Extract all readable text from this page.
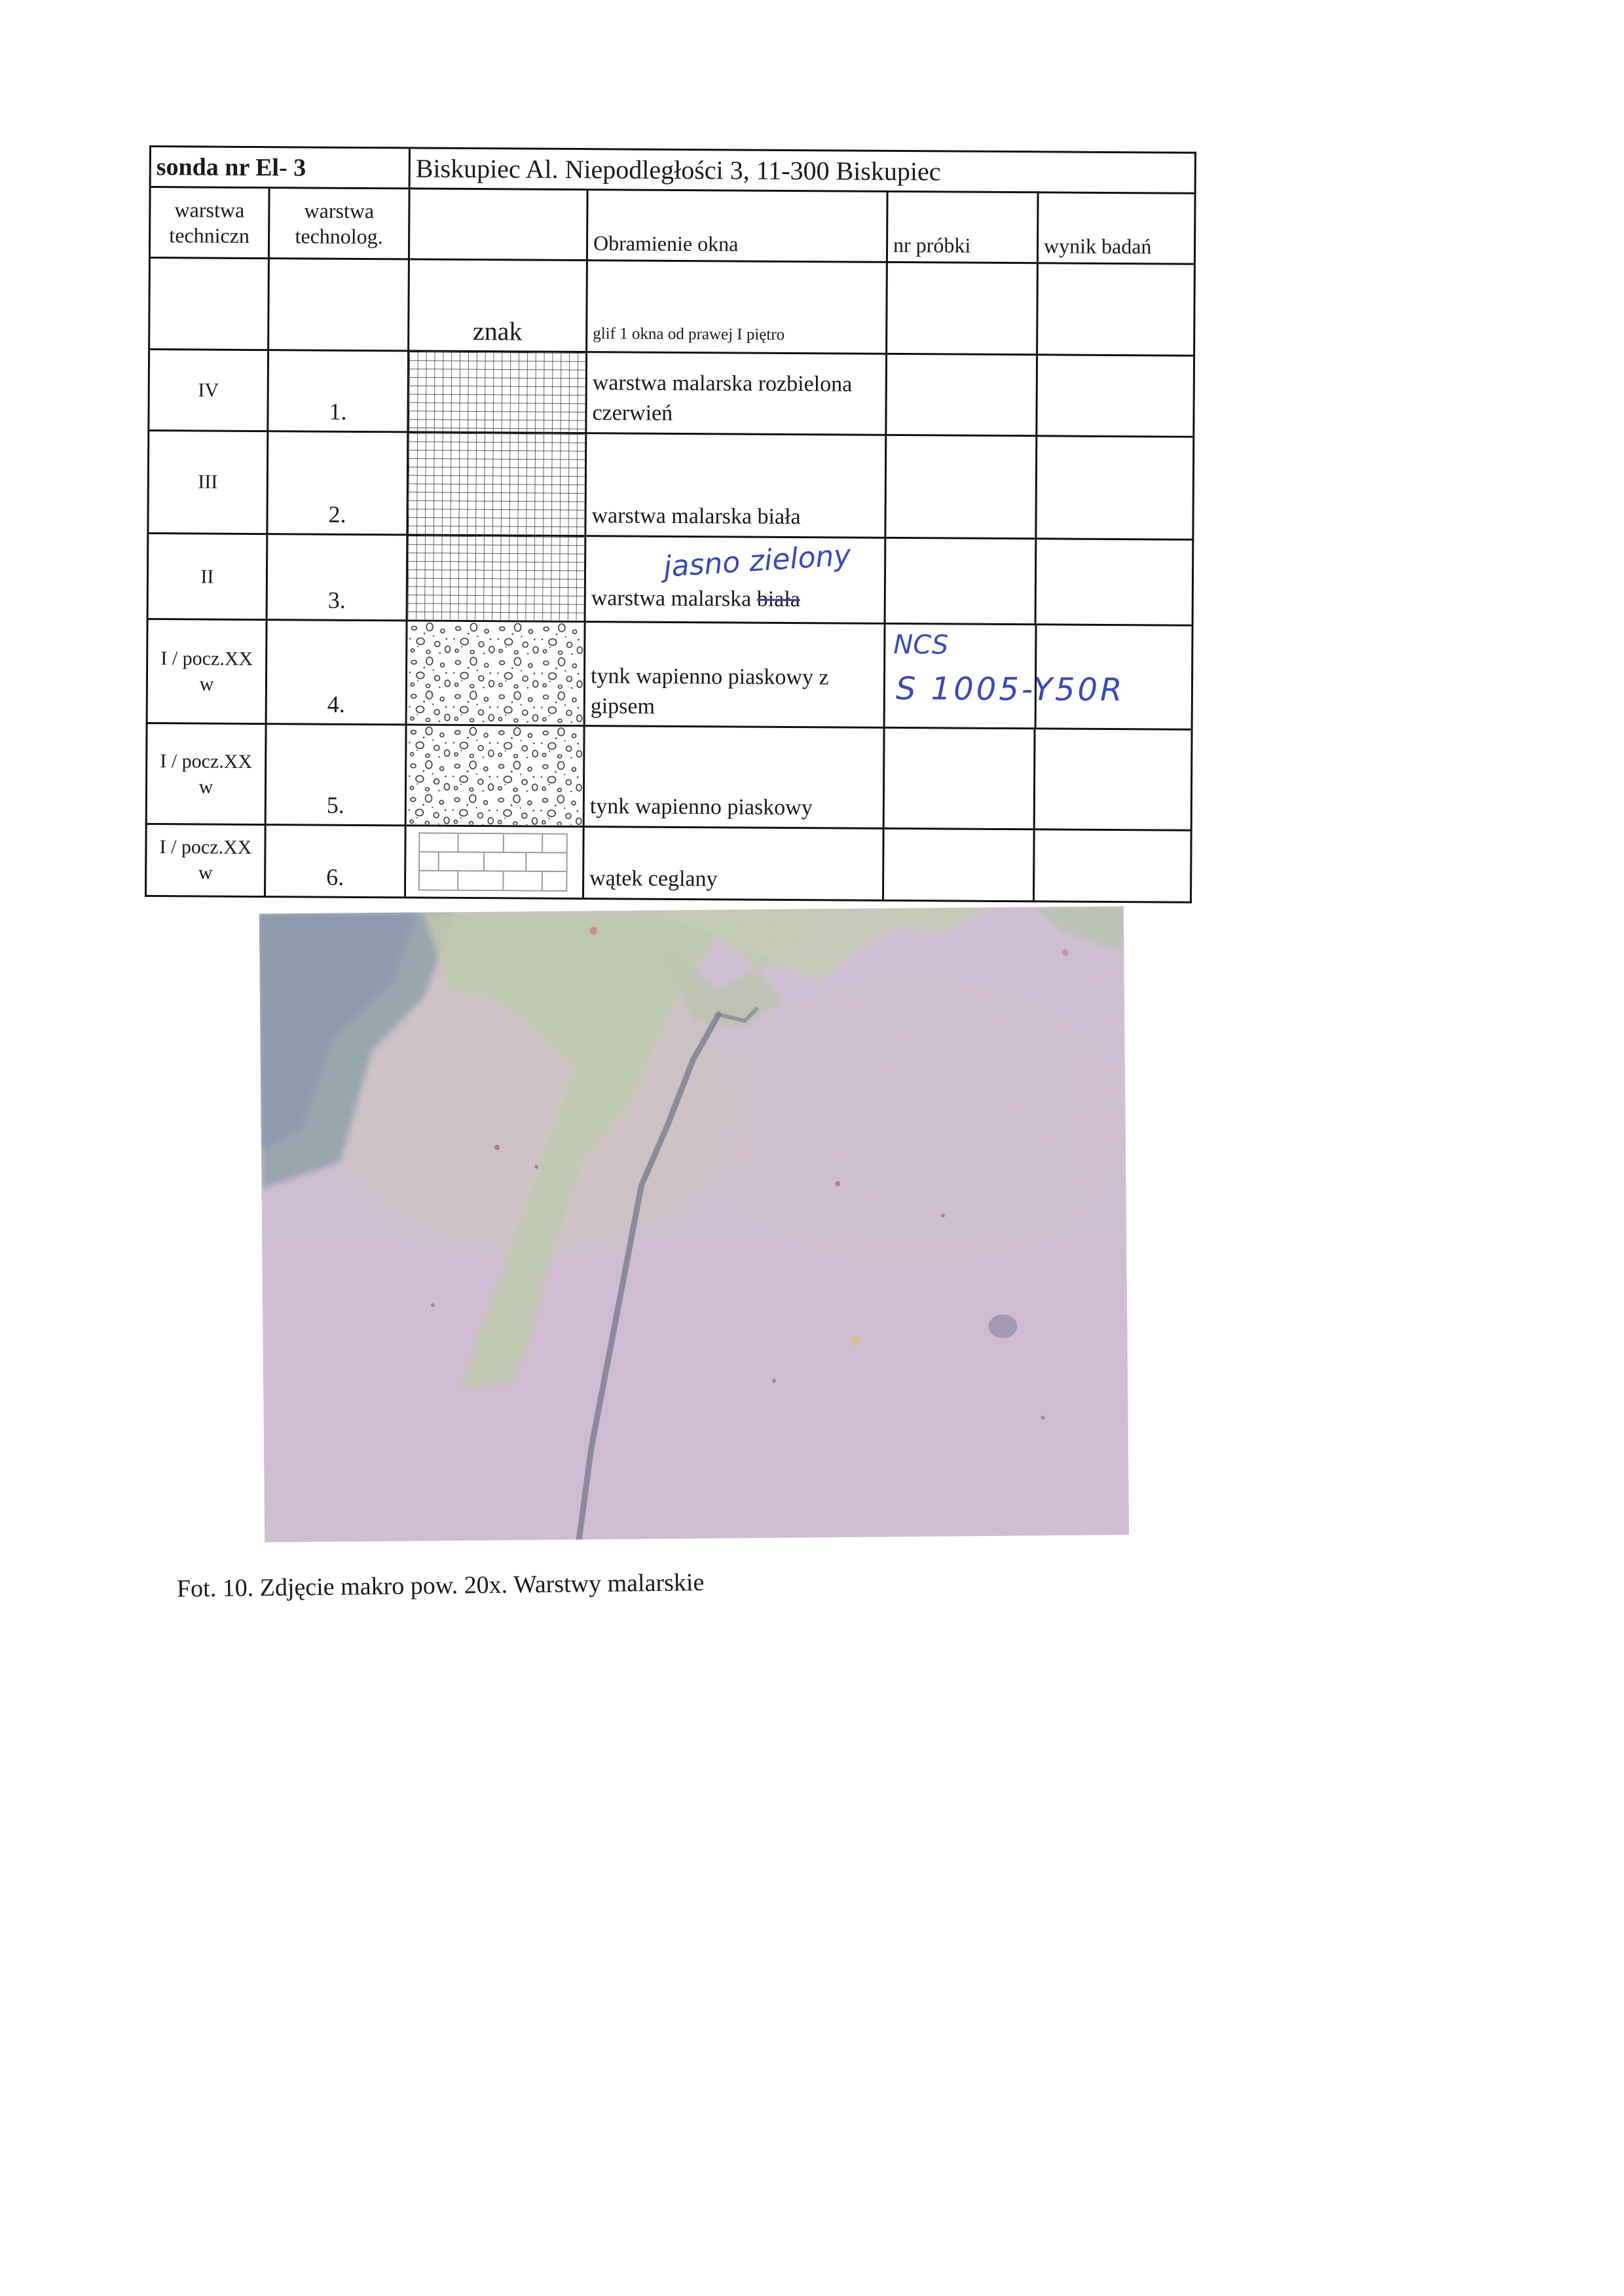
sonda nr El- 3		Biskupiec Al. Niepodległości 3, 11-300 Biskupiec			
warstwa techniczn	warstwa technolog.		Obramienie okna	nr próbki	wynik badań
		znak	glif 1 okna od prawej I piętro		
IV	1.		warstwa malarska rozbielona czerwień		
III	2.		warstwa malarska biała		
II	3.		jasno zielony
warstwa malarska biała		

I / pocz.XX w	4.		tynk wapienno piaskowy z gipsem	NCS
S 1005-Y50R	

I / pocz.XX w	5.		tynk wapienno piaskowy		
I / pocz.XX w	6.		wątek ceglany		
Fot. 10. Zdjęcie makro pow. 20x. Warstwy malarskie
